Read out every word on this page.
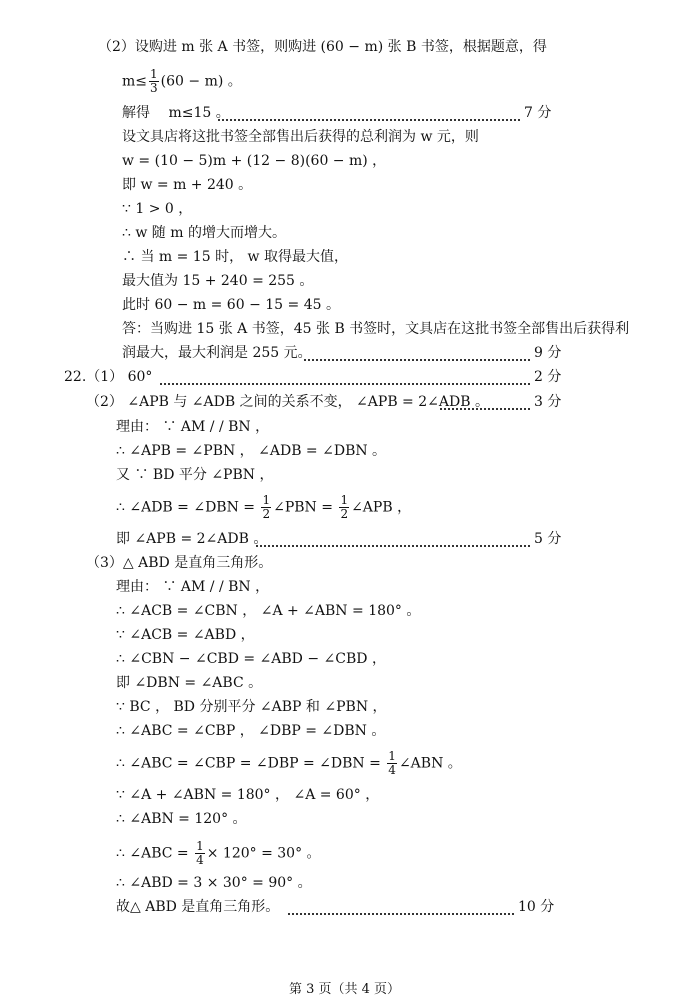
（2）设购进 m 张 A 书签，则购进 (60 − m) 张 B 书签，根据题意，得
$m\le \frac{1}{3} (60 - m)$ 。
解得　 m≤15 。	7 分
设文具店将这批书签全部售出后获得的总利润为 w 元，则
w = (10 − 5)m + (12 − 8)(60 − m) ，
即 w = m + 240 。
∵ 1 > 0 ，
∴ w 随 m 的增大而增大。
∴ 当 m = 15 时， w 取得最大值，
最大值为 15 + 240 = 255 。
此时 60 − m = 60 − 15 = 45 。
答：当购进 15 张 A 书签，45 张 B 书签时，文具店在这批书签全部售出后获得利
润最大，最大利润是 255 元。	9 分
22.（1） 60°	2 分
（2） ∠APB 与 ∠ADB 之间的关系不变， ∠APB = 2∠ADB 。	3 分
理由： ∵ AM / / BN ，
∴ ∠APB = ∠PBN ， ∠ADB = ∠DBN 。
又 ∵ BD 平分 ∠PBN ，
∴ ∠ADB = ∠DBN = $\frac{1}{2}$ ∠PBN = $\frac{1}{2}$ ∠APB ，
即 ∠APB = 2∠ADB 。	5 分
（3）△ ABD 是直角三角形。
理由： ∵ AM / / BN ，
∴ ∠ACB = ∠CBN ， ∠A + ∠ABN = 180° 。
∵ ∠ACB = ∠ABD ，
∴ ∠CBN − ∠CBD = ∠ABD − ∠CBD ，
即 ∠DBN = ∠ABC 。
∵ BC ， BD 分别平分 ∠ABP 和 ∠PBN ，
∴ ∠ABC = ∠CBP ， ∠DBP = ∠DBN 。
∴ ∠ABC = ∠CBP = ∠DBP = ∠DBN = $\frac{1}{4}$ ∠ABN 。
∵ ∠A + ∠ABN = 180° ， ∠A = 60° ，
∴ ∠ABN = 120° 。
∴ ∠ABC = $\frac{1}{4} \times 120^\circ = 30^\circ$ 。
∴ ∠ABD = 3 × 30° = 90° 。
故△ ABD 是直角三角形。	10 分
第 3 页（共 4 页）
